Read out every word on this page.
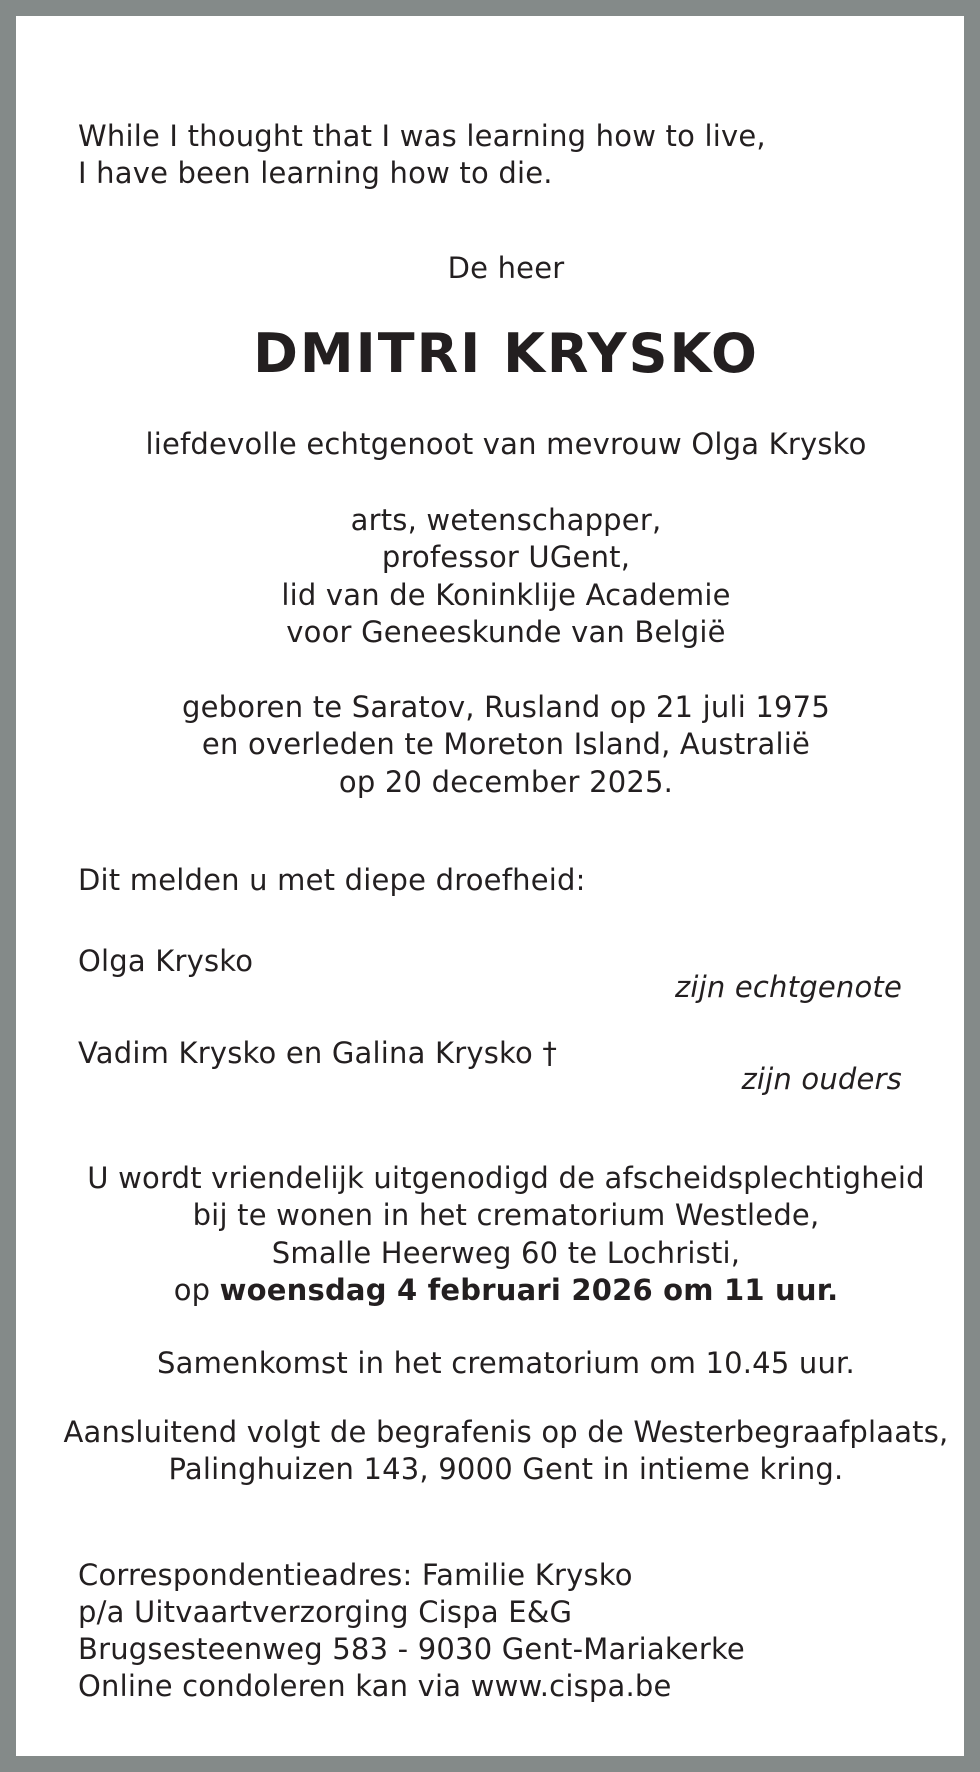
While I thought that I was learning how to live,
I have been learning how to die.
De heer
DMITRI KRYSKO
liefdevolle echtgenoot van mevrouw Olga Krysko
arts, wetenschapper,
professor UGent,
lid van de Koninklije Academie
voor Geneeskunde van België
geboren te Saratov, Rusland op 21 juli 1975
en overleden te Moreton Island, Australië
op 20 december 2025.
Dit melden u met diepe droefheid:
Olga Krysko
zijn echtgenote
Vadim Krysko en Galina Krysko †
zijn ouders
U wordt vriendelijk uitgenodigd de afscheidsplechtigheid
bij te wonen in het crematorium Westlede,
Smalle Heerweg 60 te Lochristi,
op woensdag 4 februari 2026 om 11 uur.
Samenkomst in het crematorium om 10.45 uur.
Aansluitend volgt de begrafenis op de Westerbegraafplaats,
Palinghuizen 143, 9000 Gent in intieme kring.
Correspondentieadres: Familie Krysko
p/a Uitvaartverzorging Cispa E&G
Brugsesteenweg 583 - 9030 Gent-Mariakerke
Online condoleren kan via www.cispa.be
